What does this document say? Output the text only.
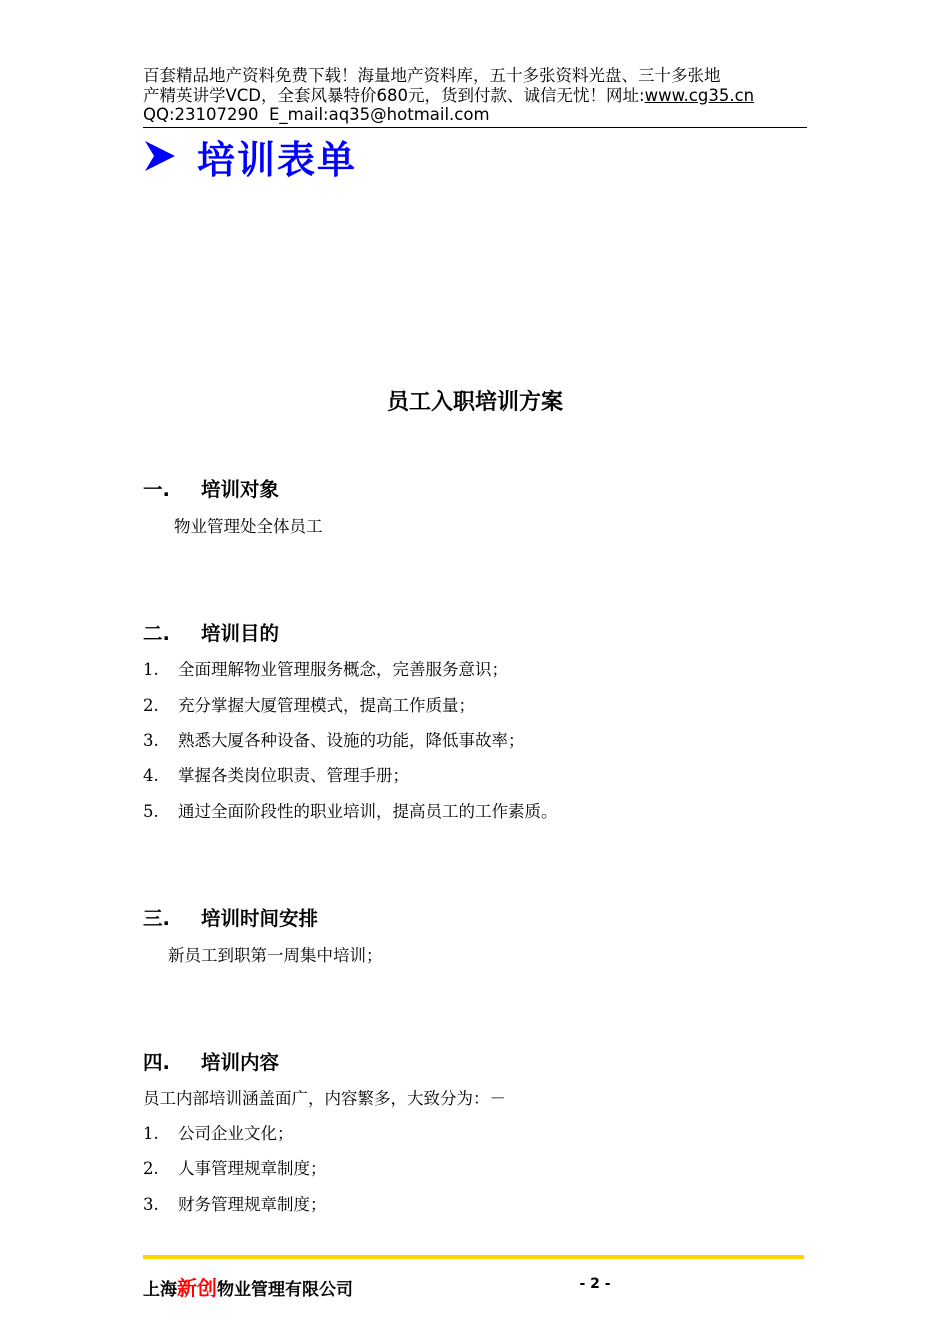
百套精品地产资料免费下载！海量地产资料库，五十多张资料光盘、三十多张地
产精英讲学VCD，全套风暴特价680元，货到付款、诚信无忧！网址:www.cg35.cn
QQ:23107290  E_mail:aq35@hotmail.com
培训表单
员工入职培训方案
一. 培训对象
物业管理处全体员工
二. 培训目的
1. 全面理解物业管理服务概念，完善服务意识；
2. 充分掌握大厦管理模式，提高工作质量；
3. 熟悉大厦各种设备、设施的功能，降低事故率；
4. 掌握各类岗位职责、管理手册；
5. 通过全面阶段性的职业培训，提高员工的工作素质。
三. 培训时间安排
新员工到职第一周集中培训；
四. 培训内容
员工内部培训涵盖面广，内容繁多，大致分为：－
1. 公司企业文化；
2. 人事管理规章制度；
3. 财务管理规章制度；
上海新创物业管理有限公司	- 2 -
